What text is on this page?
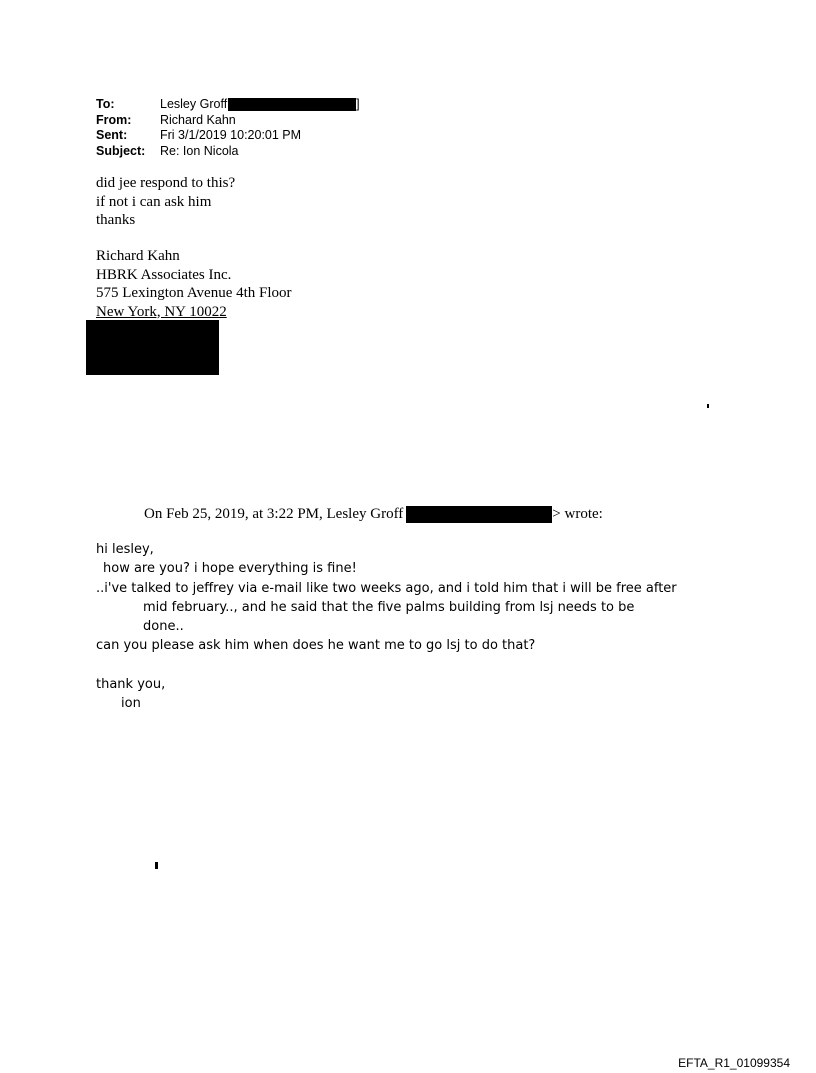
To:	Lesley Groff	]
From:	Richard Kahn
Sent:	Fri 3/1/2019 10:20:01 PM
Subject:	Re: Ion Nicola
did jee respond to this?
if not i can ask him
thanks
Richard Kahn
HBRK Associates Inc.
575 Lexington Avenue 4th Floor
New York, NY 10022
On Feb 25, 2019, at 3:22 PM, Lesley Groff	> wrote:
hi lesley,
how are you? i hope everything is fine!
..i've talked to jeffrey via e-mail like two weeks ago, and i told him that i will be free after
mid february.., and he said that the five palms building from lsj needs to be
done..
can you please ask him when does he want me to go lsj to do that?
thank you,
ion
EFTA_R1_01099354
